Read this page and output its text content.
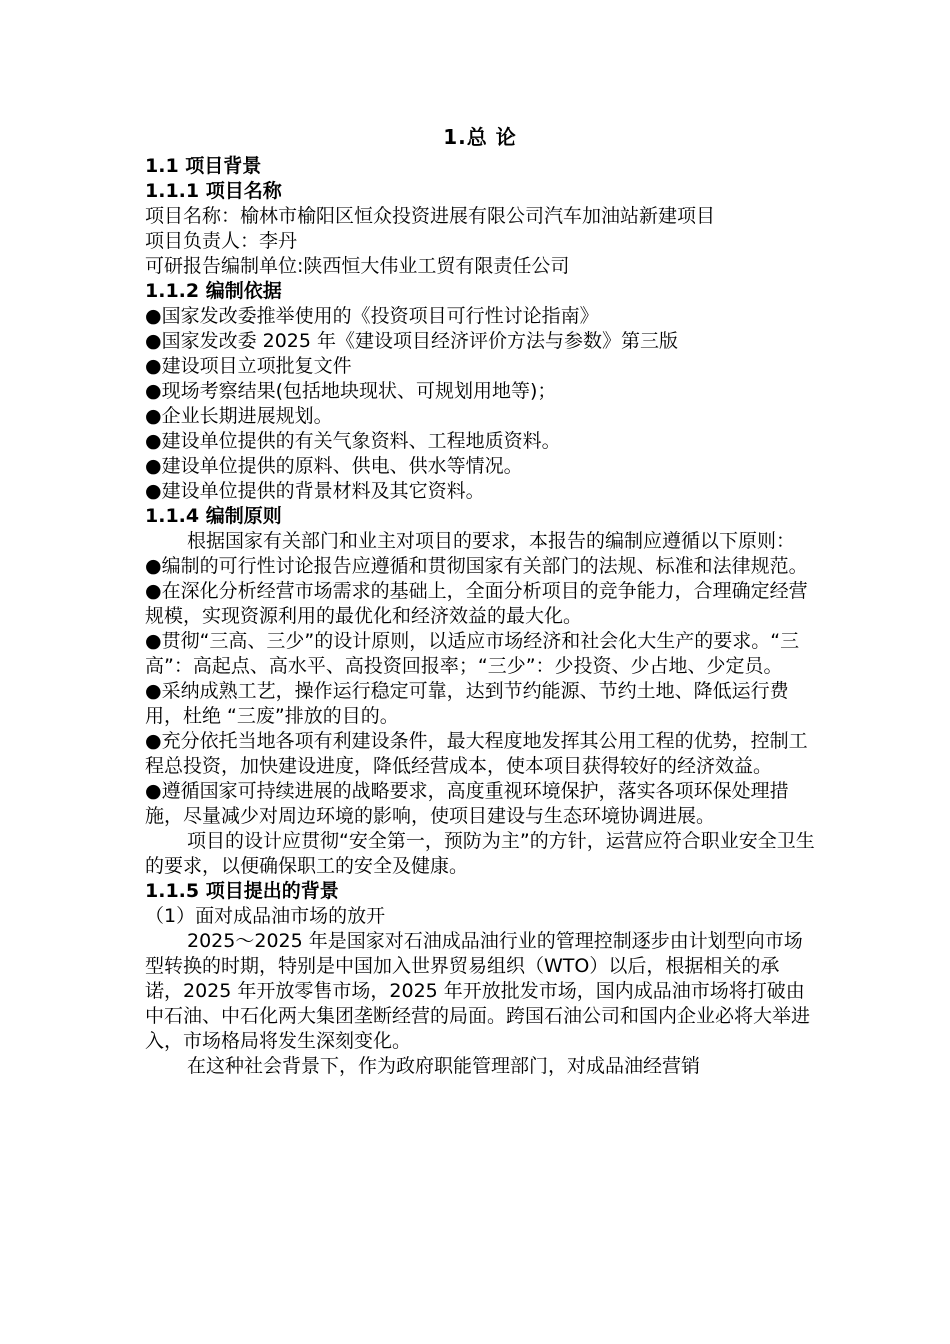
1.总 论

1.1 项目背景

1.1.1 项目名称

项目名称：榆林市榆阳区恒众投资进展有限公司汽车加油站新建项目

项目负责人：李丹

可研报告编制单位:陕西恒大伟业工贸有限责任公司

1.1.2 编制依据

●国家发改委推举使用的《投资项目可行性讨论指南》

●国家发改委 2025 年《建设项目经济评价方法与参数》第三版

●建设项目立项批复文件

●现场考察结果(包括地块现状、可规划用地等)；

●企业长期进展规划。

●建设单位提供的有关气象资料、工程地质资料。

●建设单位提供的原料、供电、供水等情况。

●建设单位提供的背景材料及其它资料。

1.1.4 编制原则

根据国家有关部门和业主对项目的要求，本报告的编制应遵循以下原则：

●编制的可行性讨论报告应遵循和贯彻国家有关部门的法规、标准和法律规范。

●在深化分析经营市场需求的基础上，全面分析项目的竞争能力，合理确定经营规模，实现资源利用的最优化和经济效益的最大化。

●贯彻“三高、三少”的设计原则，以适应市场经济和社会化大生产的要求。“三高”：高起点、高水平、高投资回报率；“三少”：少投资、少占地、少定员。

●采纳成熟工艺，操作运行稳定可靠，达到节约能源、节约土地、降低运行费用，杜绝 “三废”排放的目的。

●充分依托当地各项有利建设条件，最大程度地发挥其公用工程的优势，控制工程总投资，加快建设进度，降低经营成本，使本项目获得较好的经济效益。

●遵循国家可持续进展的战略要求，高度重视环境保护，落实各项环保处理措施，尽量减少对周边环境的影响，使项目建设与生态环境协调进展。

项目的设计应贯彻“安全第一，预防为主”的方针，运营应符合职业安全卫生的要求，以便确保职工的安全及健康。

1.1.5 项目提出的背景

（1）面对成品油市场的放开

2025～2025 年是国家对石油成品油行业的管理控制逐步由计划型向市场型转换的时期，特别是中国加入世界贸易组织（WTO）以后，根据相关的承诺，2025 年开放零售市场，2025 年开放批发市场，国内成品油市场将打破由中石油、中石化两大集团垄断经营的局面。跨国石油公司和国内企业必将大举进入，市场格局将发生深刻变化。

在这种社会背景下，作为政府职能管理部门，对成品油经营销
